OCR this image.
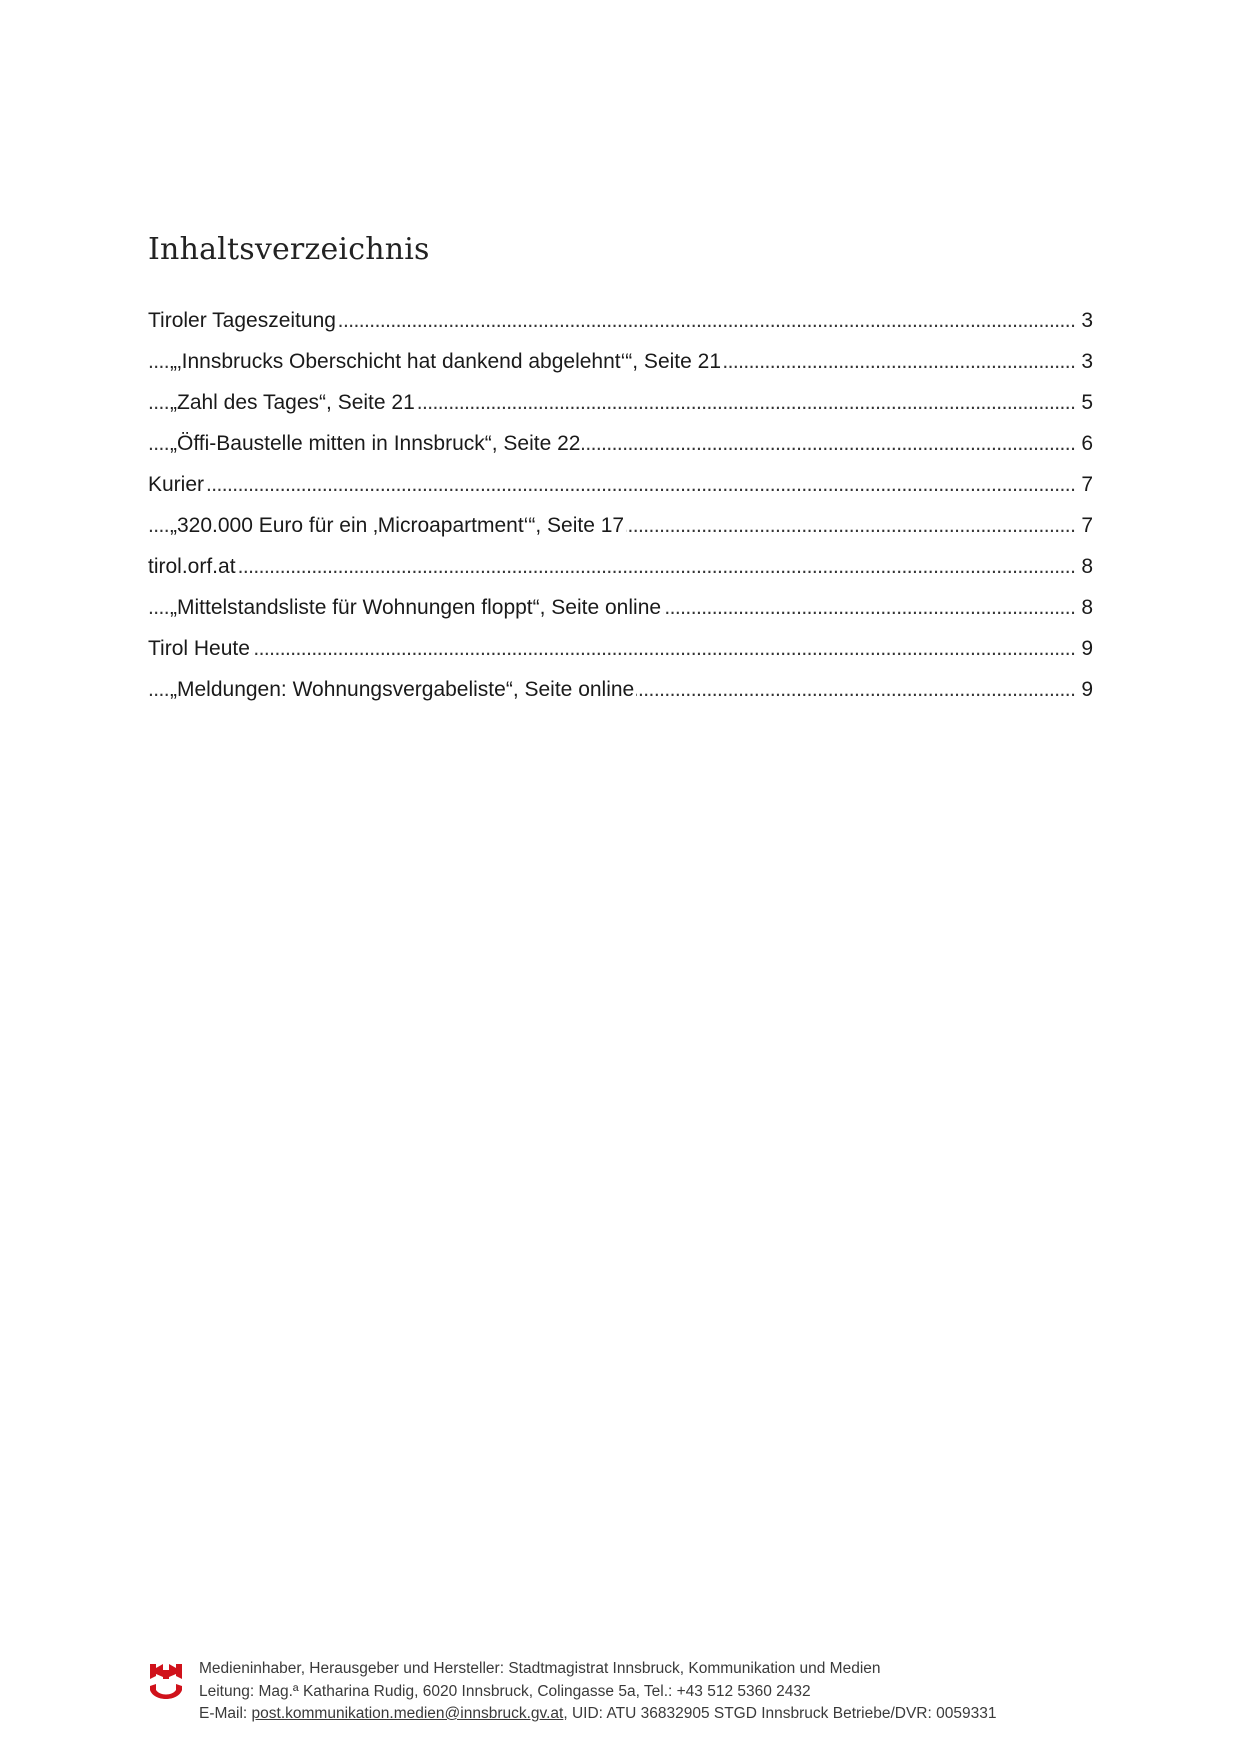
Inhaltsverzeichnis
. . .
Tiroler Tageszeitung	3
. . .
„‚Innsbrucks Oberschicht hat dankend abgelehnt‘“, Seite 21	3
. . .
„Zahl des Tages“, Seite 21	5
. . .
„Öffi-Baustelle mitten in Innsbruck“, Seite 22	6
. . .
Kurier	7
. . .
„320.000 Euro für ein ‚Microapartment‘“, Seite 17	7
. . .
tirol.orf.at	8
. . .
„Mittelstandsliste für Wohnungen floppt“, Seite online	8
. . .
Tirol Heute	9
. . .
„Meldungen: Wohnungsvergabeliste“, Seite online	9
Medieninhaber, Herausgeber und Hersteller: Stadtmagistrat Innsbruck, Kommunikation und Medien
Leitung: Mag.ª Katharina Rudig, 6020 Innsbruck, Colingasse 5a, Tel.: +43 512 5360 2432
E-Mail: post.kommunikation.medien@innsbruck.gv.at, UID: ATU 36832905 STGD Innsbruck Betriebe/DVR: 0059331
